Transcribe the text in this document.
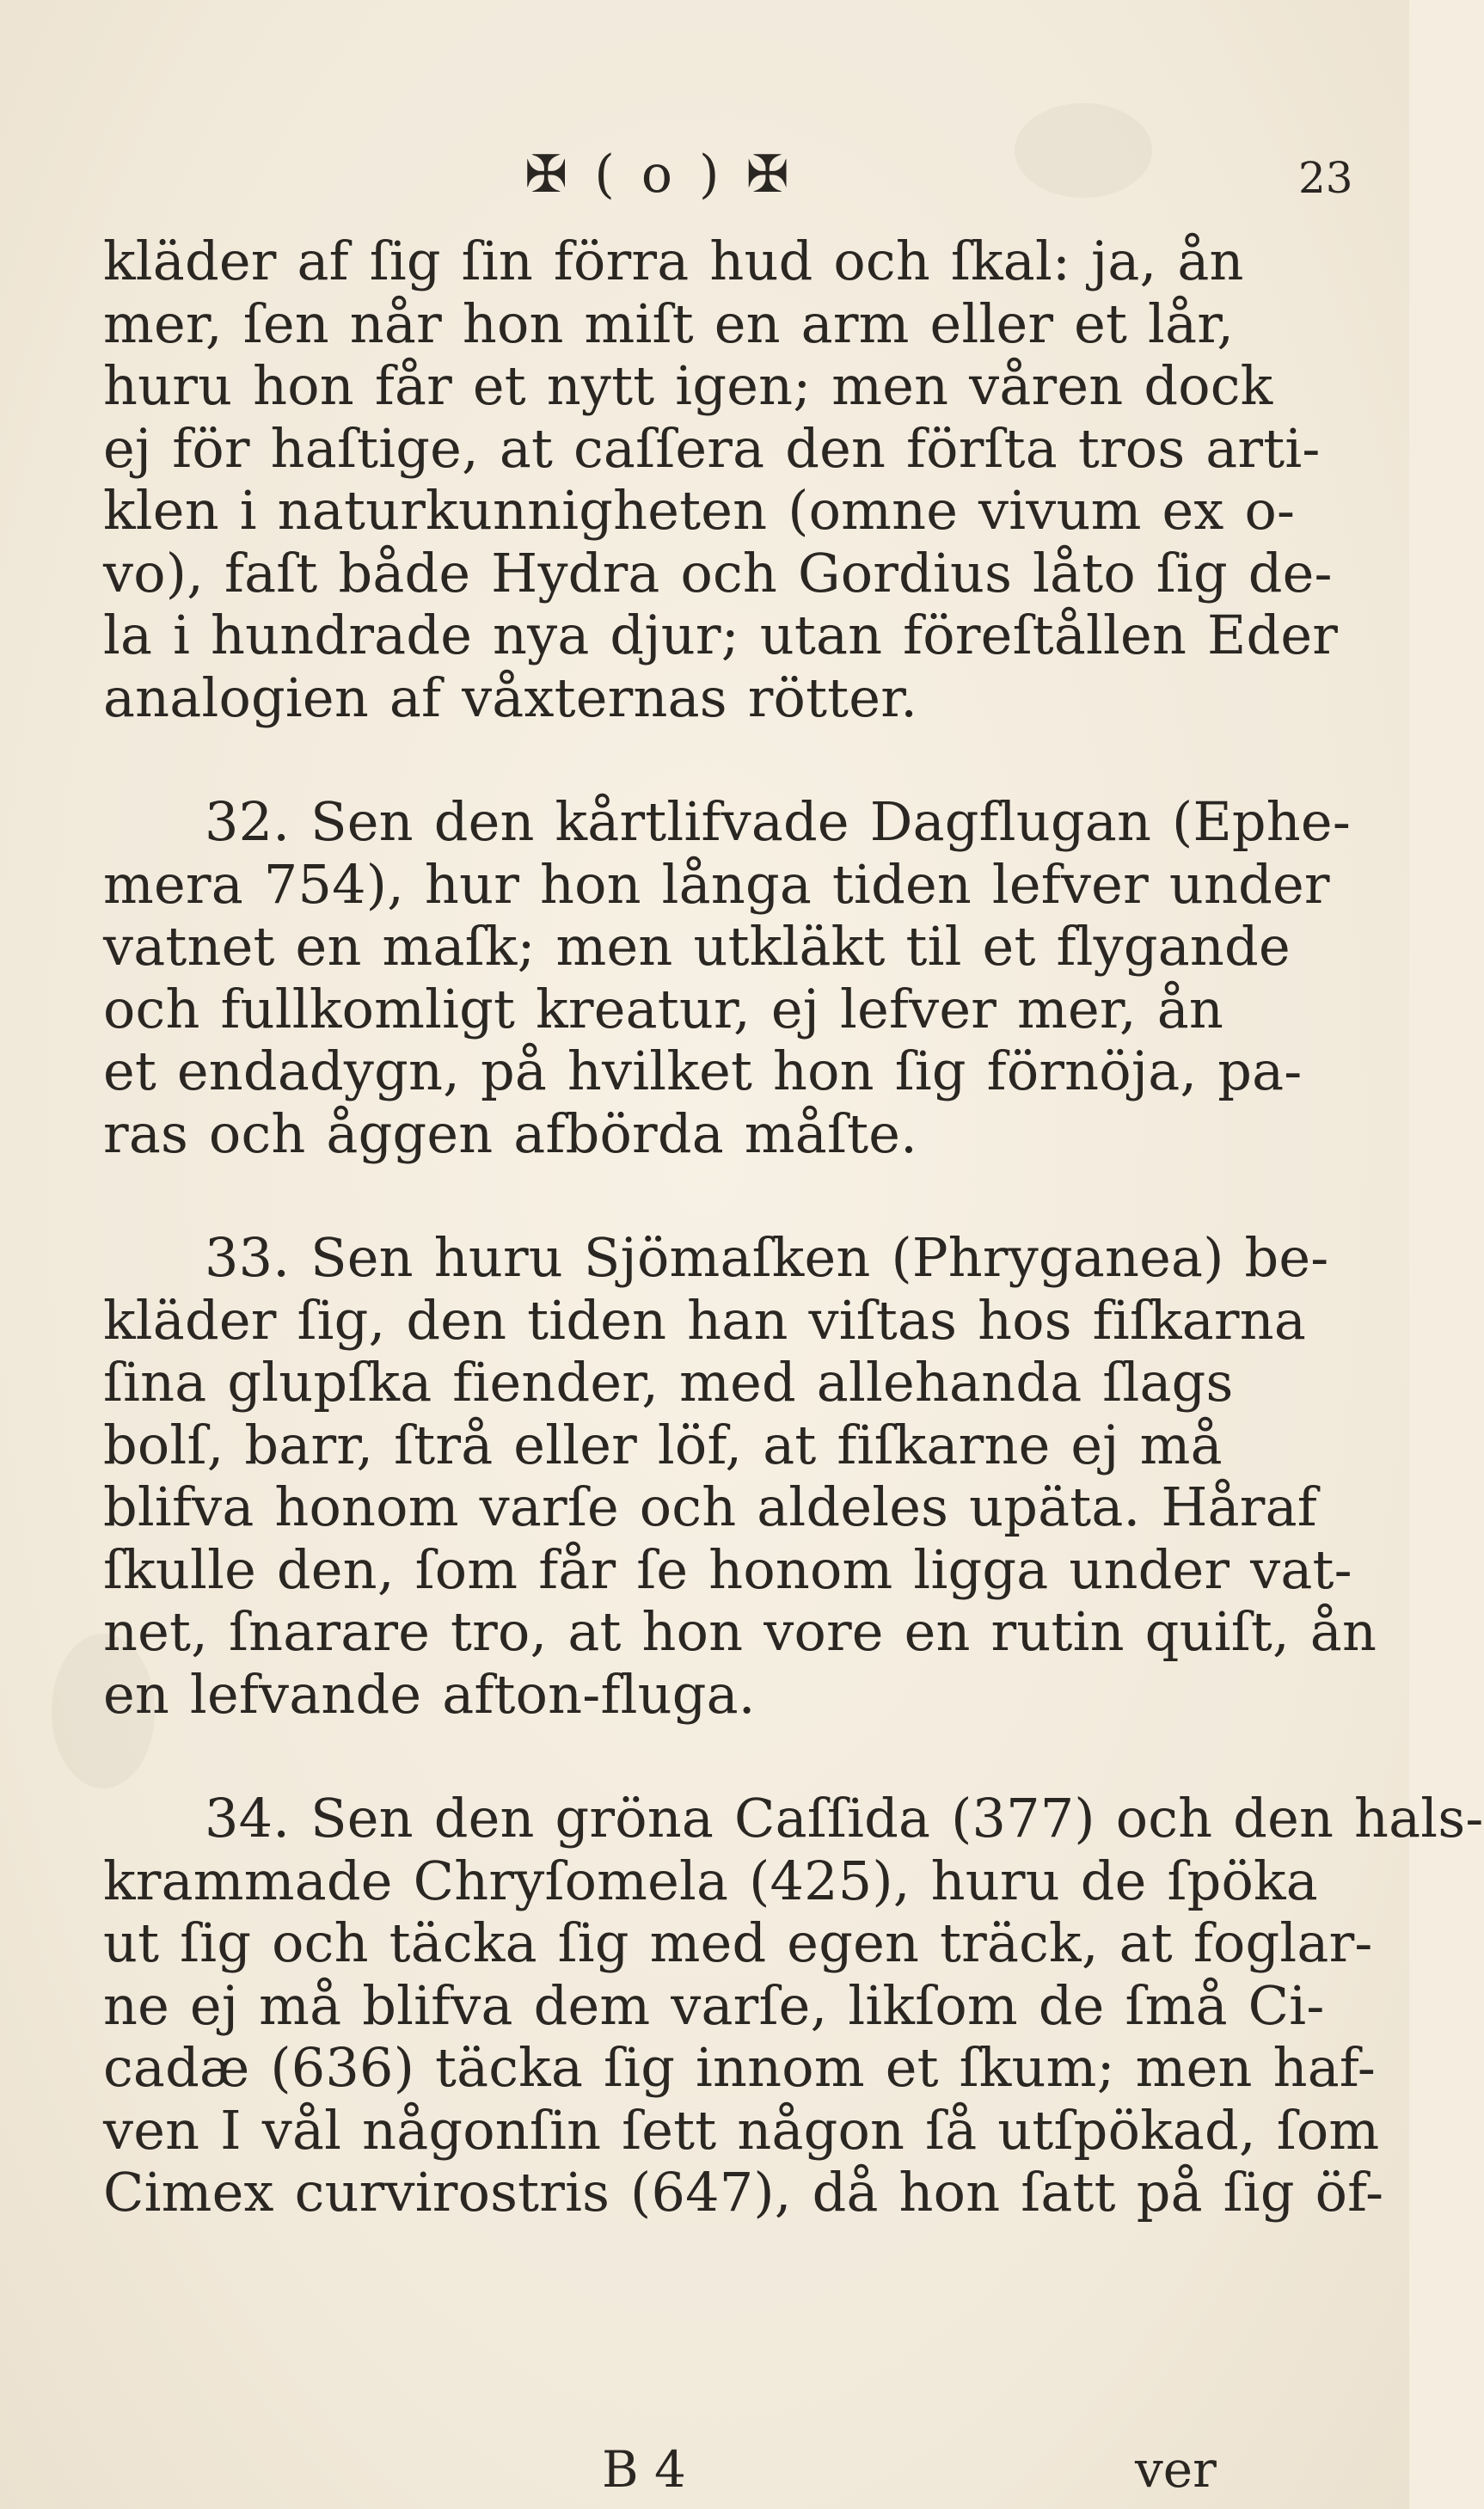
✠ ( o ) ✠	23
kläder af ſig ſin förra hud och ſkal: ja, ån
mer, ſen når hon miſt en arm eller et lår,
huru hon får et nytt igen; men våren dock
ej för haſtige, at caſſera den förſta tros arti-
klen i naturkunnigheten (omne vivum ex o-
vo), faſt både Hydra och Gordius låto ſig de-
la i hundrade nya djur; utan föreſtållen Eder
analogien af våxternas rötter.
32. Sen den kårtlifvade Dagflugan (Ephe-
mera 754), hur hon långa tiden lefver under
vatnet en maſk; men utkläkt til et flygande
och fullkomligt kreatur, ej lefver mer, ån
et endadygn, på hvilket hon ſig förnöja, pa-
ras och åggen afbörda måſte.
33. Sen huru Sjömaſken (Phryganea) be-
kläder ſig, den tiden han viſtas hos fiſkarna
ſina glupſka fiender, med allehanda ſlags
bolſ, barr, ſtrå eller löf, at fiſkarne ej må
blifva honom varſe och aldeles upäta. Håraf
ſkulle den, ſom får ſe honom ligga under vat-
net, ſnarare tro, at hon vore en rutin quiſt, ån
en lefvande afton-fluga.
34. Sen den gröna Caſſida (377) och den hals-
krammade Chryſomela (425), huru de ſpöka
ut ſig och täcka ſig med egen träck, at foglar-
ne ej må blifva dem varſe, likſom de ſmå Ci-
cadæ (636) täcka ſig innom et ſkum; men haf-
ven I vål någonſin ſett någon ſå utſpökad, ſom
Cimex curvirostris (647), då hon ſatt på ſig öf-
B 4	ver
